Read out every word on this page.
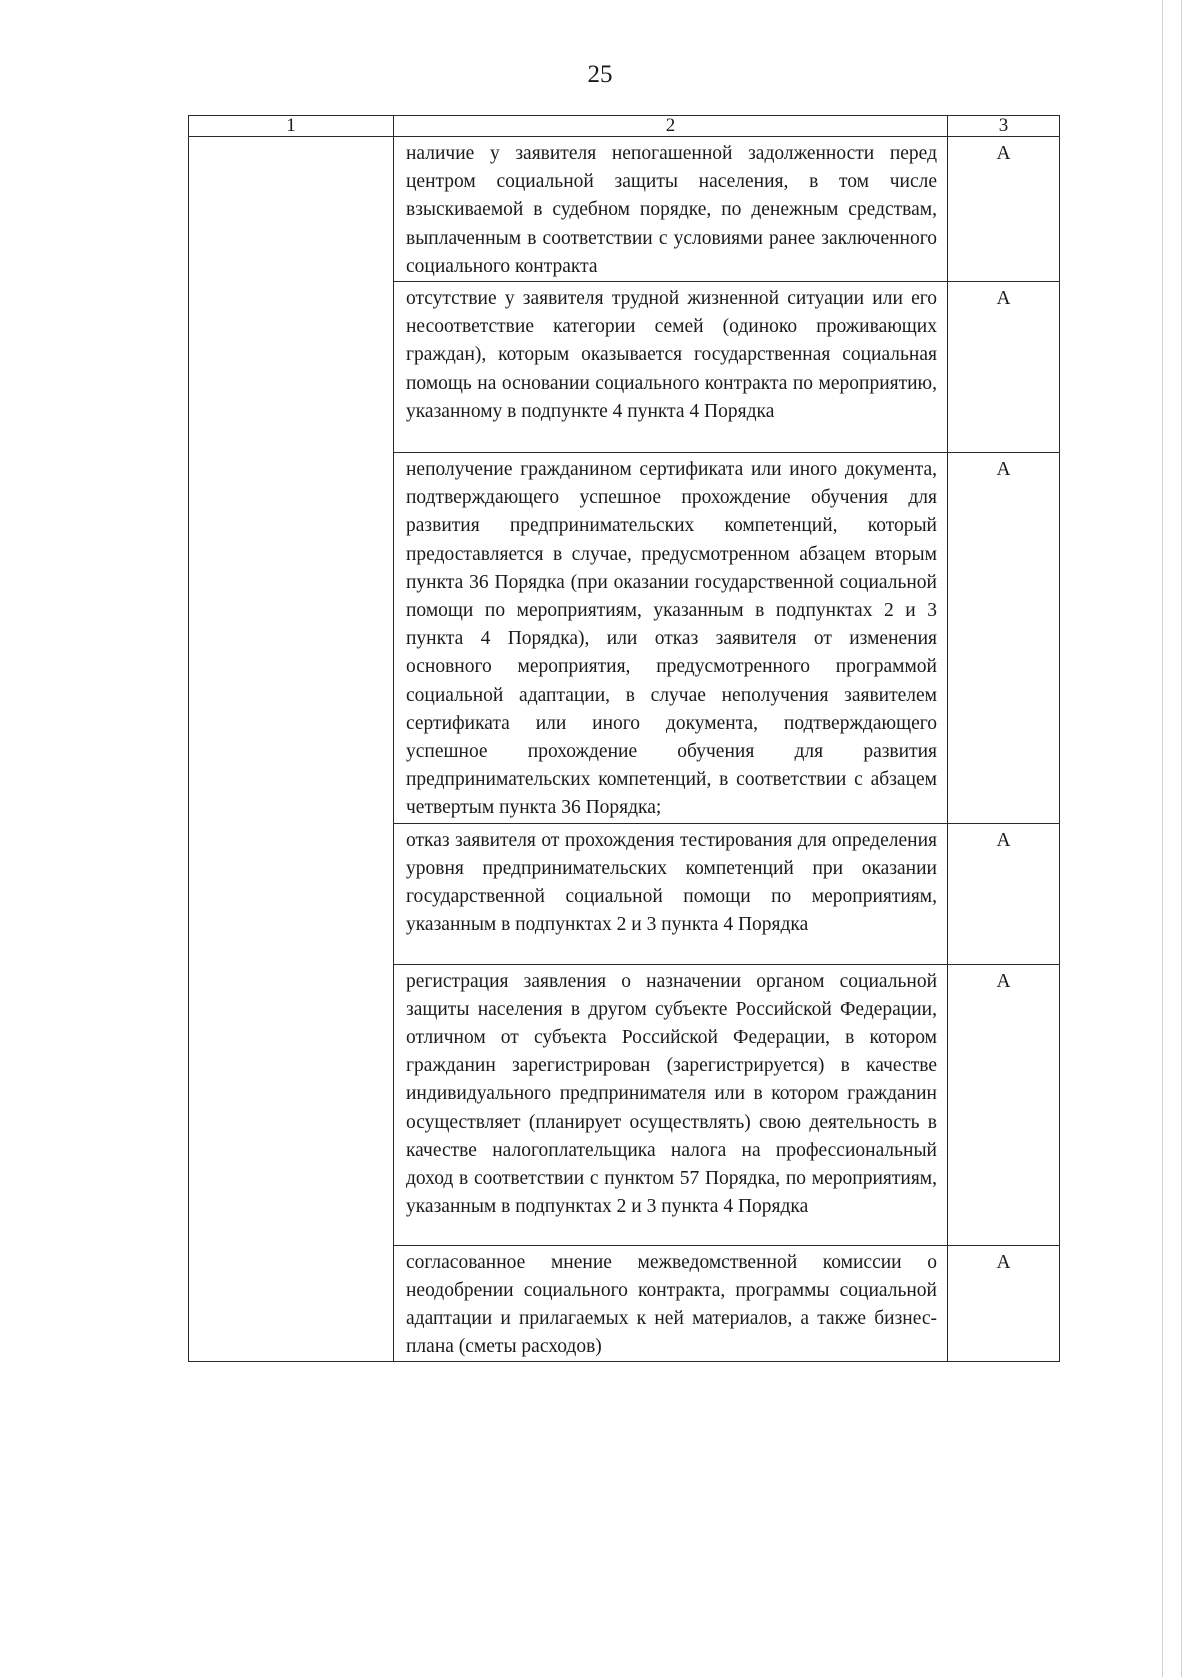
25
1	2	3

	наличие у заявителя непогашенной задолженности перед центром социальной защиты населения, в том числе взыскиваемой в судебном порядке, по денежным средствам, выплаченным в соответствии с условиями ранее заключенного социального контракта	А

	отсутствие у заявителя трудной жизненной ситуации или его несоответствие категории семей (одиноко проживающих граждан), которым оказывается государственная социальная помощь на основании социального контракта по мероприятию, указанному в подпункте 4 пункта 4 Порядка	А

	неполучение гражданином сертификата или иного документа, подтверждающего успешное прохождение обучения для развития предпринимательских компетенций, который предоставляется в случае, предусмотренном абзацем вторым пункта 36 Порядка (при оказании государственной социальной помощи по мероприятиям, указанным в подпунктах 2 и 3 пункта 4 Порядка), или отказ заявителя от изменения основного мероприятия, предусмотренного программой социальной адаптации, в случае неполучения заявителем сертификата или иного документа, подтверждающего успешное прохождение обучения для развития предпринимательских компетенций, в соответствии с абзацем четвертым пункта 36 Порядка;	А

	отказ заявителя от прохождения тестирования для определения уровня предпринимательских компетенций при оказании государственной социальной помощи по мероприятиям, указанным в подпунктах 2 и 3 пункта 4 Порядка	А

	регистрация заявления о назначении органом социальной защиты населения в другом субъекте Российской Федерации, отличном от субъекта Российской Федерации, в котором гражданин зарегистрирован (зарегистрируется) в качестве индивидуального предпринимателя или в котором гражданин осуществляет (планирует осуществлять) свою деятельность в качестве налогоплательщика налога на профессиональный доход в соответствии с пунктом 57 Порядка, по мероприятиям, указанным в подпунктах 2 и 3 пункта 4 Порядка	А

	согласованное мнение межведомственной комиссии о неодобрении социального контракта, программы социальной адаптации и прилагаемых к ней материалов, а также бизнес-плана (сметы расходов)	А
